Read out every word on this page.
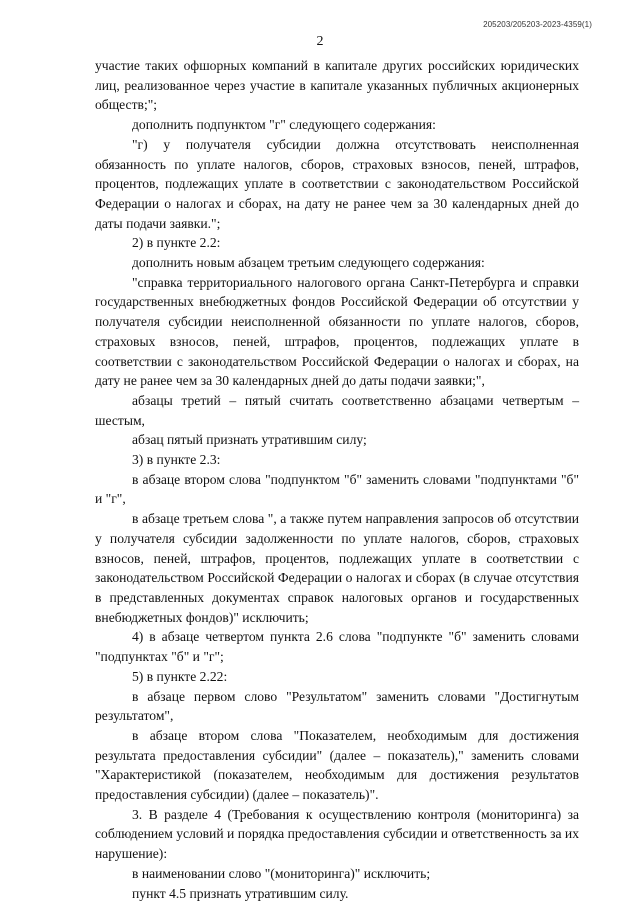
205203/205203-2023-4359(1)
2

участие таких офшорных компаний в капитале других российских юридических лиц, реализованное через участие в капитале указанных публичных акционерных обществ;";

дополнить подпунктом "г" следующего содержания:

"г) у получателя субсидии должна отсутствовать неисполненная обязанность по уплате налогов, сборов, страховых взносов, пеней, штрафов, процентов, подлежащих уплате в соответствии с законодательством Российской Федерации о налогах и сборах, на дату не ранее чем за 30 календарных дней до даты подачи заявки.";

2) в пункте 2.2:

дополнить новым абзацем третьим следующего содержания:

"справка территориального налогового органа Санкт-Петербурга и справки государственных внебюджетных фондов Российской Федерации об отсутствии у получателя субсидии неисполненной обязанности по уплате налогов, сборов, страховых взносов, пеней, штрафов, процентов, подлежащих уплате в соответствии с законодательством Российской Федерации о налогах и сборах, на дату не ранее чем за 30 календарных дней до даты подачи заявки;",

абзацы третий – пятый считать соответственно абзацами четвертым – шестым,

абзац пятый признать утратившим силу;

3) в пункте 2.3:

в абзаце втором слова "подпунктом "б" заменить словами "подпунктами "б" и "г",

в абзаце третьем слова ", а также путем направления запросов об отсутствии у получателя субсидии задолженности по уплате налогов, сборов, страховых взносов, пеней, штрафов, процентов, подлежащих уплате в соответствии с законодательством Российской Федерации о налогах и сборах (в случае отсутствия в представленных документах справок налоговых органов и государственных внебюджетных фондов)" исключить;

4) в абзаце четвертом пункта 2.6 слова "подпункте "б" заменить словами "подпунктах "б" и "г";

5) в пункте 2.22:

в абзаце первом слово "Результатом" заменить словами "Достигнутым результатом",

в абзаце втором слова "Показателем, необходимым для достижения результата предоставления субсидии" (далее – показатель)," заменить словами "Характеристикой (показателем, необходимым для достижения результатов предоставления субсидии) (далее – показатель)".

3. В разделе 4 (Требования к осуществлению контроля (мониторинга) за соблюдением условий и порядка предоставления субсидии и ответственность за их нарушение):

в наименовании слово "(мониторинга)" исключить;

пункт 4.5 признать утратившим силу.
